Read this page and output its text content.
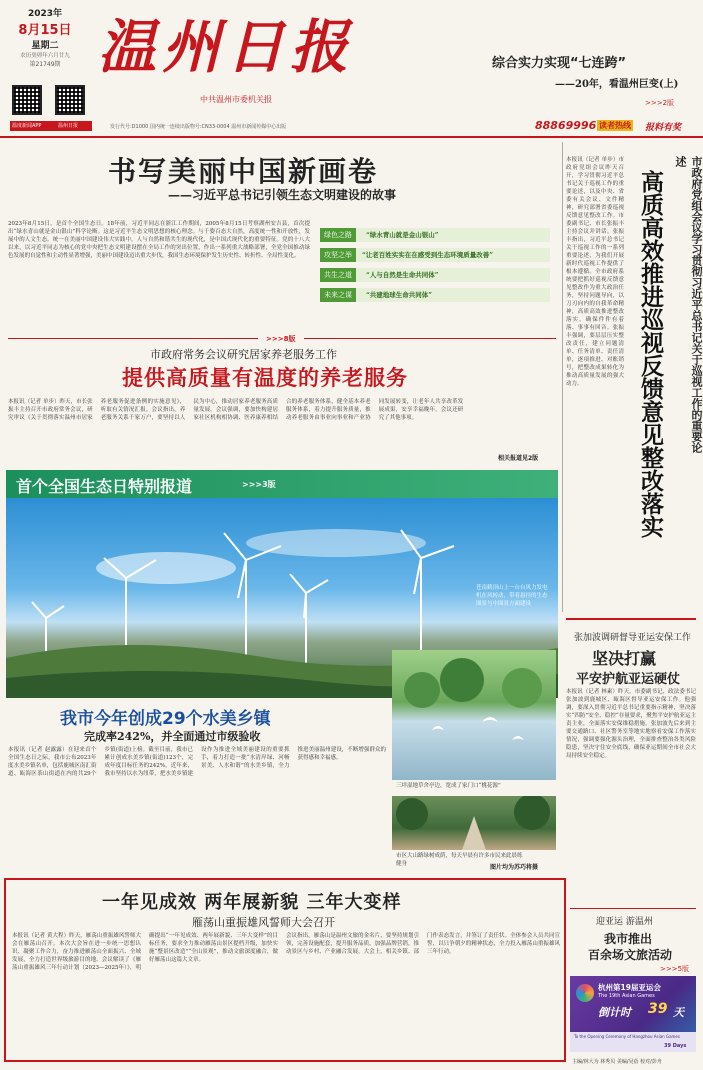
2023年
8月15日
星期二
农历癸卯年六月廿九
第21749期 温州日报
中共温州市委机关报
综合实力实现“七连跨”
——20年，看温州巨变(上)
>>>2版
温度新闻APP	温州日报	发行代号:D1000 国内统一连续出版物号:CN33-0004 温州市新闻传媒中心出版	88869996 读者热线 报料有奖
书写美丽中国新画卷
——习近平总书记引领生态文明建设的故事
2023年8月15日，是首个全国生态日。18年前，习近平同志在浙江工作期间，2005年8月15日考察湖州安吉县，首次提出“绿水青山就是金山银山”科学论断。这是习近平生态文明思想的核心理念。与千姿百态大自然，高度统一性和开放性，发展中的人文生态。统一在美丽中国建设伟大实践中。人与自然和谐共生的现代化，是中国式现代化的重要特征。党的十八大以来，以习近平同志为核心的党中央把生态文明建设摆在全局工作的突出位置，作出一系列重大战略部署，全党全国推动绿色发展的自觉性和主动性显著增强，美丽中国建设迈出重大步伐，我国生态环境保护发生历史性、转折性、全局性变化。
绿色之路	“绿水青山就是金山银山”
攻坚之举	“让老百姓实实在在感受到生态环境质量改善”
共生之道	“人与自然是生命共同体”
未来之谋	“共建地球生命共同体”
>>>8版
市政府常务会议研究居家养老服务工作
提供高质量有温度的养老服务
本报讯（记者 单步）昨天，市长张振丰主持召开市政府常务会议，研究审议《关于贯彻落实温州市居家养老服务促进条例的实施意见》，听取有关情况汇报。会议指出，养老服务关系千家万户，要坚持以人民为中心，推动居家养老服务高质量发展。会议强调，要加快构建居家社区机构相协调、医养康养相结合的养老服务体系，健全基本养老服务体系，着力提升服务质量，推动养老服务由事业向事业和产业协同发展转变，让老年人共享改革发展成果，安享幸福晚年。会议还研究了其他事项。
相关报道见2版
首个全国生态日特别报道	>>>3版
苍南鹤顶山上一台台风力发电机在风转动，带着悬挂的生态图景与中图景方面建设
我市今年创成29个水美乡镇
完成率242%，并全面通过市级验收
本报讯（记者 赵露露）在迎来首个全国生态日之际，我市公布2023年度水美乡镇名单，包括鹿城区南汇街道、瓯海区茶山街道在内的共29个乡镇(街道)上榜。截至目前，我市已累计创成水美乡镇(街道)123个，完成年度目标任务的242%。近年来，我市坚持以水为纽带，把水美乡镇建设作为推进全域美丽建设的重要抓手，着力打造一批“水清岸绿、河畅景美、人水和谐”的水美乡镇，全力推进美丽温州建设，不断增强群众的获得感和幸福感。
三垟湿地草舍亭边，宽成了家门口“桃花源”
市区大山路绿树成荫，每天早晨有许多市民来此晨练健身	图片均为苏巧将摄
一年见成效 两年展新貌 三年大变样
雁荡山重振雄风誓师大会召开
本报讯（记者 黄大程）昨天，雁荡山重振雄风誓师大会在雁荡山召开。本次大会旨在进一步统一思想认识、凝聚工作合力，奋力推进雁荡山全面振兴、全域发展，全力打造世界级旅游目的地。会议解读了《雁荡山重振雄风三年行动计划（2023—2025年）》，明确提出“一年见成效、两年展新貌、三年大变样”的目标任务，要求全力推动雁荡山景区提档升级，加快实施“整景区改造”“全山景观”，推动文旅深度融合，做好雁荡山这篇大文章。
会议指出，雁荡山是温州文旅的金名片，要坚持规划引领，完善设施配套，提升服务品质，加强品牌营销，推动景区与乡村、产业融合发展。大会上，相关乡镇、部门作表态发言，并签订了责任状。全体参会人员共同宣誓，以只争朝夕的精神状态，全力投入雁荡山重振雄风三年行动。
本报讯（记者 单步）市政府党组会议昨天召开，学习贯彻习近平总书记关于巡视工作的重要论述，以及中央、省委有关会议、文件精神，研究部署省委巡视反馈意见整改工作。市委副书记、市长张振丰主持会议并讲话。张振丰指出，习近平总书记关于巡视工作的一系列重要论述，为我们开展新时代巡视工作提供了根本遵循。全市政府系统要把抓好巡视反馈意见整改作为重大政治任务，坚持问题导向，以刀刃向内的自我革命精神，高质高效推进整改落实，确保件件有着落、事事有回音。张振丰强调，要层层压实整改责任，建立问题清单、任务清单、责任清单，逐项推进、对账销号，把整改成果转化为推动高质量发展的强大动力。	市政府党组会议学习贯彻习近平总书记关于巡视工作的重要论述
高质高效推进巡视反馈意见整改落实
张加波调研督导亚运安保工作
坚决打赢
平安护航亚运硬仗
本报讯（记者 林素）昨天，市委副书记、政法委书记张加波到鹿城区、瓯海区督导亚运安保工作。他强调，要深入贯彻习近平总书记重要指示精神，坚决落实“四防”安全、稳控“存量要求，聚焦平安护航亚运主责主业，全面落实安保维稳措施。张加波先后来到主要交通路口、社区警务室等地实地察看安保工作落实情况，强调要强化源头治理，全面排查整治各类风险隐患，坚决守住安全底线，确保亚运期间全市社会大局持续安全稳定。
迎亚运 游温州
我市推出
百余场文旅活动
>>>5版
杭州第19届亚运会
The 19th Asian Games
倒计时 39 天
To the Opening Ceremony of Hangzhou Asian Games
39 Days
主编/林大为 林秀贝 美编/吴蓓 校对/彭舟
